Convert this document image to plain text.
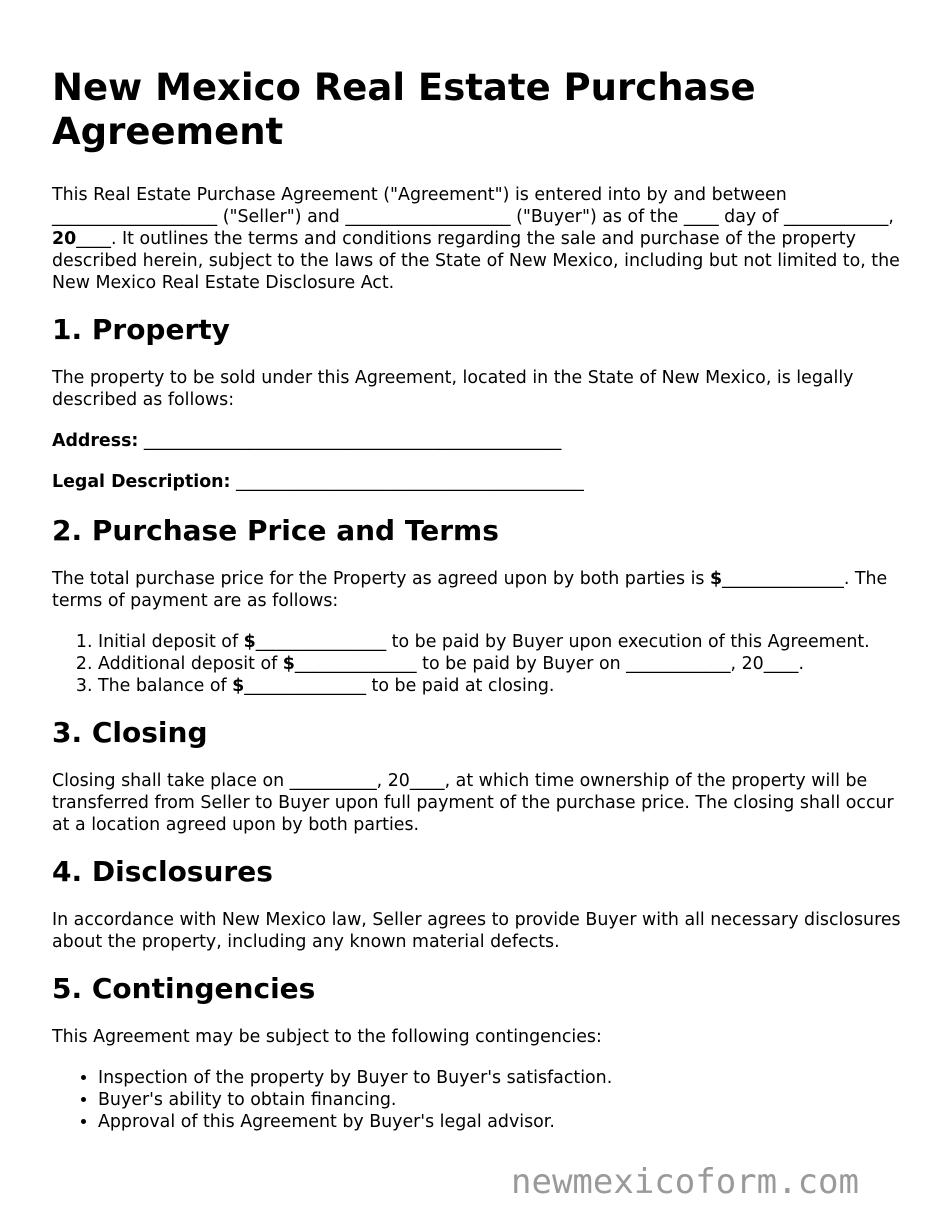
New Mexico Real Estate Purchase Agreement

This Real Estate Purchase Agreement ("Agreement") is entered into by and between ___________________ ("Seller") and ___________________ ("Buyer") as of the ____ day of ____________, 20____. It outlines the terms and conditions regarding the sale and purchase of the property described herein, subject to the laws of the State of New Mexico, including but not limited to, the New Mexico Real Estate Disclosure Act.

1. Property

The property to be sold under this Agreement, located in the State of New Mexico, is legally described as follows:

Address: ________________________________________________
Legal Description: ________________________________________
2. Purchase Price and Terms

The total purchase price for the Property as agreed upon by both parties is $______________. The terms of payment are as follows:

1. Initial deposit of $_______________ to be paid by Buyer upon execution of this Agreement.
2. Additional deposit of $______________ to be paid by Buyer on ____________, 20____.
3. The balance of $______________ to be paid at closing.
3. Closing

Closing shall take place on __________, 20____, at which time ownership of the property will be transferred from Seller to Buyer upon full payment of the purchase price. The closing shall occur at a location agreed upon by both parties.

4. Disclosures

In accordance with New Mexico law, Seller agrees to provide Buyer with all necessary disclosures about the property, including any known material defects.

5. Contingencies

This Agreement may be subject to the following contingencies:

• Inspection of the property by Buyer to Buyer's satisfaction.
• Buyer's ability to obtain financing.
• Approval of this Agreement by Buyer's legal advisor.
newmexicoform.com
